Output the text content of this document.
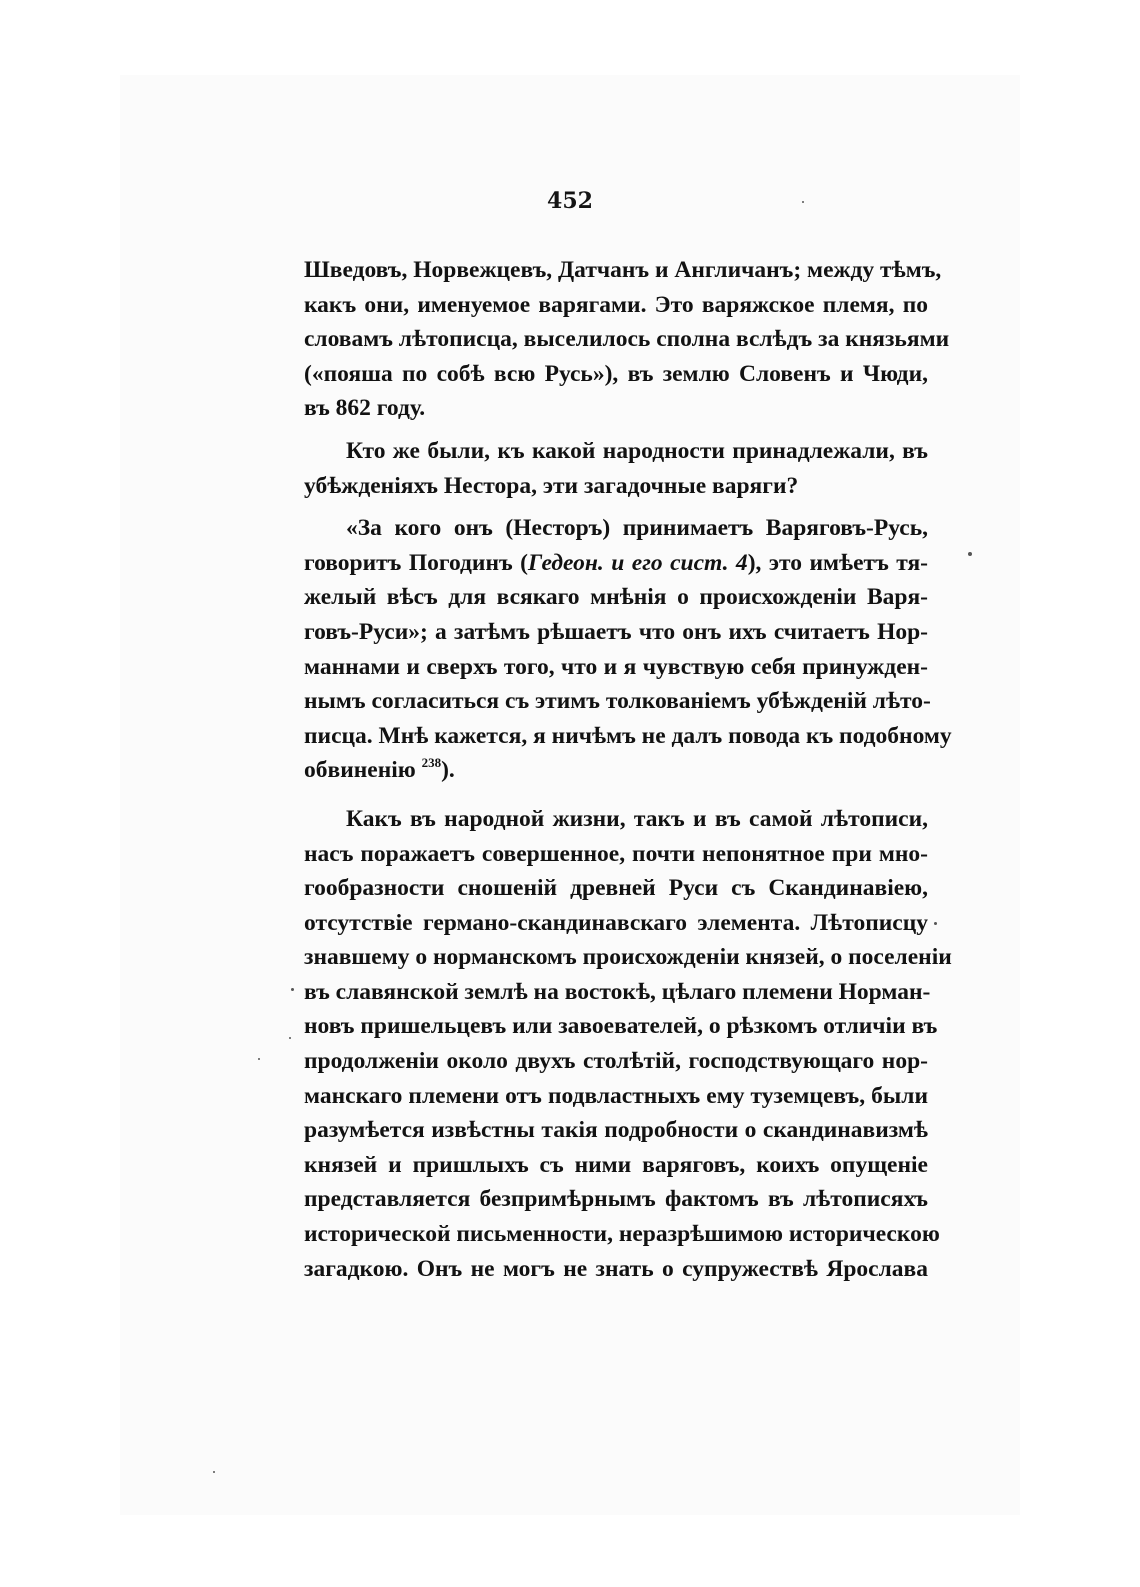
452
Шведовъ, Норвежцевъ, Датчанъ и Англичанъ; между тѣмъ,
какъ они, именуемое варягами. Это варяжское племя, по
словамъ лѣтописца, выселилось сполна вслѣдъ за князьями
(«пояша по собѣ всю Русь»), въ землю Словенъ и Чюди,
въ 862 году.
Кто же были, къ какой народности принадлежали, въ
убѣжденіяхъ Нестора, эти загадочные варяги?
«За кого онъ (Несторъ) принимаетъ Варяговъ-Русь,
говоритъ Погодинъ (Гедеон. и его сист. 4), это имѣетъ тя-
желый вѣсъ для всякаго мнѣнія о происхожденіи Варя-
говъ-Руси»; а затѣмъ рѣшаетъ что онъ ихъ считаетъ Нор-
маннами и сверхъ того, что и я чувствую себя принужден-
нымъ согласиться съ этимъ толкованіемъ убѣжденій лѣто-
писца. Мнѣ кажется, я ничѣмъ не далъ повода къ подобному
обвиненію $^{238}$).
Какъ въ народной жизни, такъ и въ самой лѣтописи,
насъ поражаетъ совершенное, почти непонятное при мно-
гообразности сношеній древней Руси съ Скандинавіею,
отсутствіе германо-скандинавскаго элемента. Лѣтописцу
знавшему о норманскомъ происхожденіи князей, о поселеніи
въ славянской землѣ на востокѣ, цѣлаго племени Норман-
новъ пришельцевъ или завоевателей, о рѣзкомъ отличіи въ
продолженіи около двухъ столѣтій, господствующаго нор-
манскаго племени отъ подвластныхъ ему туземцевъ, были
разумѣется извѣстны такія подробности о скандинавизмѣ
князей и пришлыхъ съ ними варяговъ, коихъ опущеніе
представляется безпримѣрнымъ фактомъ въ лѣтописяхъ
исторической письменности, неразрѣшимою историческою
загадкою. Онъ не могъ не знать о супружествѣ Ярослава
